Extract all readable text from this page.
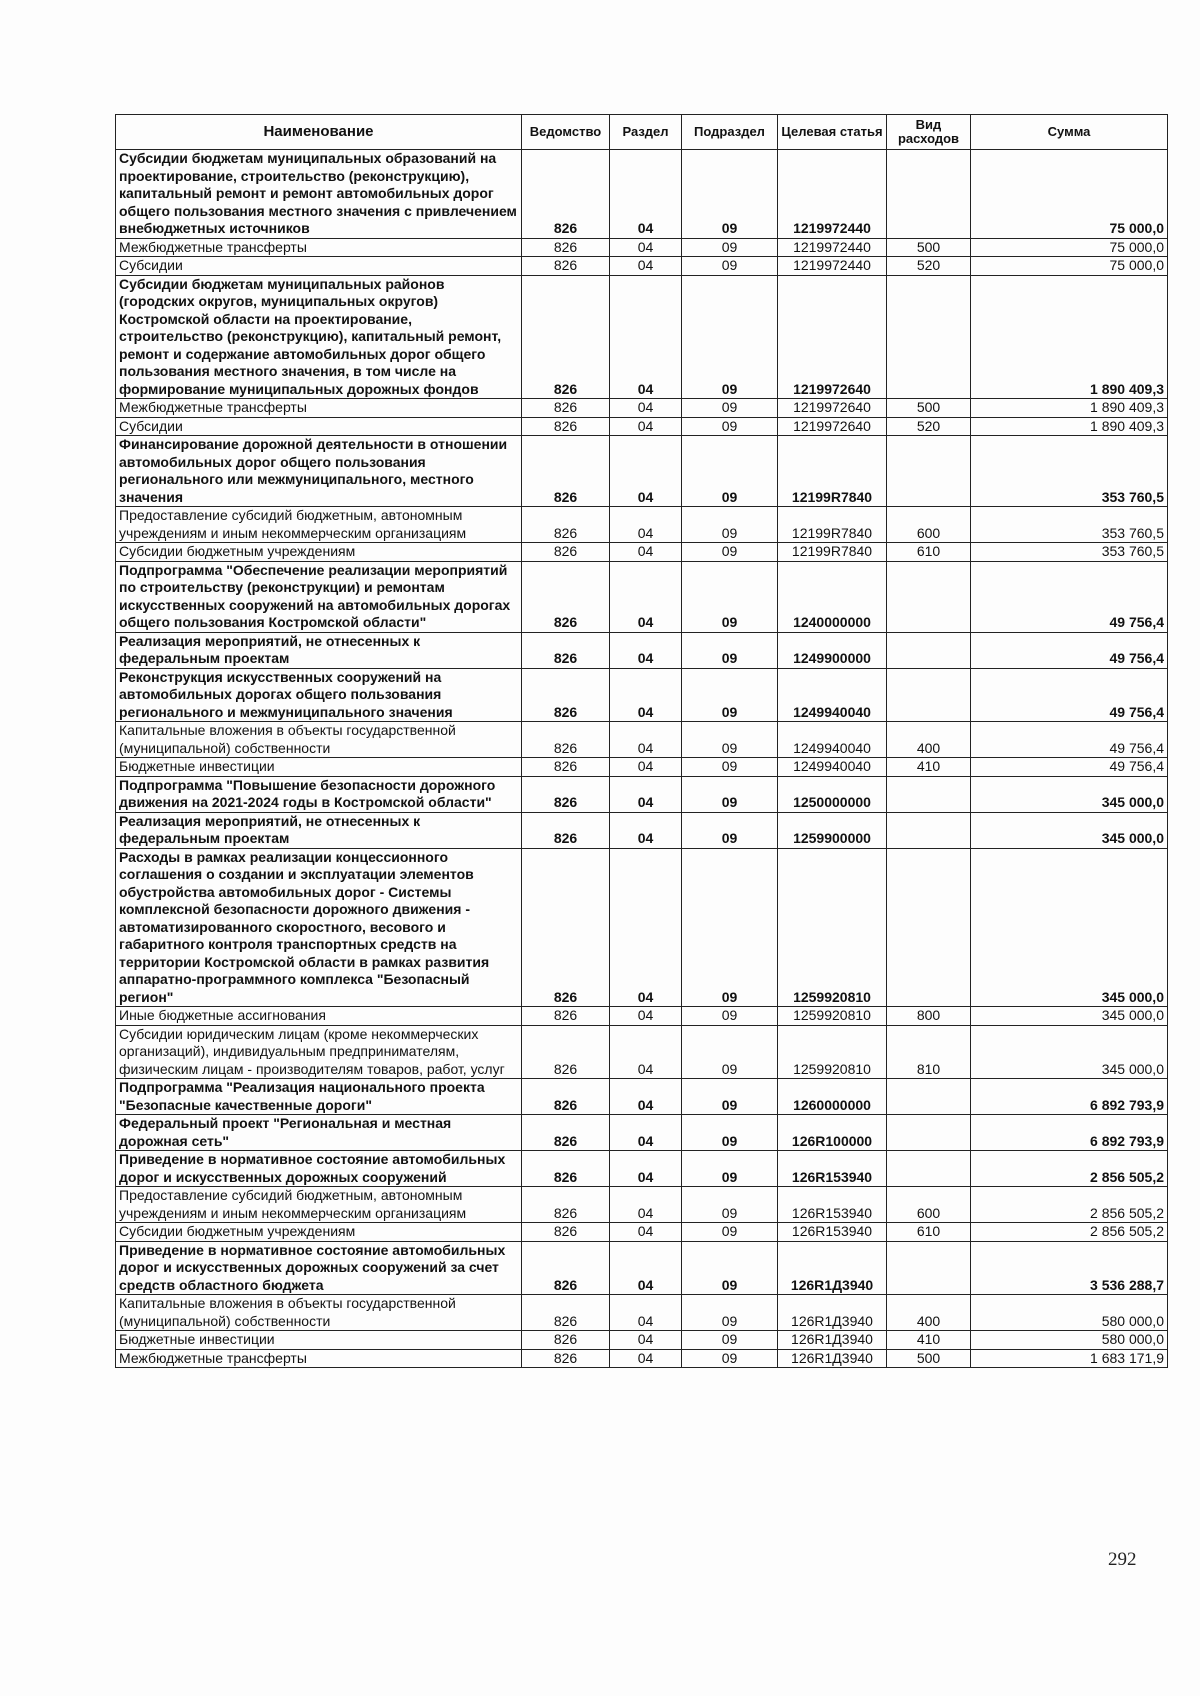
Наименование	Ведомство	Раздел	Подраздел	Целевая статья	Вид расходов	Сумма
Субсидии бюджетам муниципальных образований на проектирование, строительство (реконструкцию), капитальный ремонт и ремонт автомобильных дорог общего пользования местного значения с привлечением внебюджетных источников	826	04	09	1219972440		75 000,0
Межбюджетные трансферты	826	04	09	1219972440	500	75 000,0
Субсидии	826	04	09	1219972440	520	75 000,0
Субсидии бюджетам муниципальных районов (городских округов, муниципальных округов) Костромской области на проектирование, строительство (реконструкцию), капитальный ремонт, ремонт и содержание автомобильных дорог общего пользования местного значения, в том числе на формирование муниципальных дорожных фондов	826	04	09	1219972640		1 890 409,3
Межбюджетные трансферты	826	04	09	1219972640	500	1 890 409,3
Субсидии	826	04	09	1219972640	520	1 890 409,3
Финансирование дорожной деятельности в отношении автомобильных дорог общего пользования регионального или межмуниципального, местного значения	826	04	09	12199R7840		353 760,5
Предоставление субсидий бюджетным, автономным учреждениям и иным некоммерческим организациям	826	04	09	12199R7840	600	353 760,5
Субсидии бюджетным учреждениям	826	04	09	12199R7840	610	353 760,5
Подпрограмма "Обеспечение реализации мероприятий по строительству (реконструкции) и ремонтам искусственных сооружений на автомобильных дорогах общего пользования Костромской области"	826	04	09	1240000000		49 756,4
Реализация мероприятий, не отнесенных к федеральным проектам	826	04	09	1249900000		49 756,4
Реконструкция искусственных сооружений на автомобильных дорогах общего пользования регионального и межмуниципального значения	826	04	09	1249940040		49 756,4
Капитальные вложения в объекты государственной (муниципальной) собственности	826	04	09	1249940040	400	49 756,4
Бюджетные инвестиции	826	04	09	1249940040	410	49 756,4
Подпрограмма "Повышение безопасности дорожного движения на 2021-2024 годы в Костромской области"	826	04	09	1250000000		345 000,0
Реализация мероприятий, не отнесенных к федеральным проектам	826	04	09	1259900000		345 000,0
Расходы в рамках реализации концессионного соглашения о создании и эксплуатации элементов обустройства автомобильных дорог - Системы комплексной безопасности дорожного движения - автоматизированного скоростного, весового и габаритного контроля транспортных средств на территории Костромской области в рамках развития аппаратно-программного комплекса "Безопасный регион"	826	04	09	1259920810		345 000,0
Иные бюджетные ассигнования	826	04	09	1259920810	800	345 000,0
Субсидии юридическим лицам (кроме некоммерческих организаций), индивидуальным предпринимателям, физическим лицам - производителям товаров, работ, услуг	826	04	09	1259920810	810	345 000,0
Подпрограмма "Реализация национального проекта "Безопасные качественные дороги"	826	04	09	1260000000		6 892 793,9
Федеральный проект "Региональная и местная дорожная сеть"	826	04	09	126R100000		6 892 793,9
Приведение в нормативное состояние автомобильных дорог и искусственных дорожных сооружений	826	04	09	126R153940		2 856 505,2
Предоставление субсидий бюджетным, автономным учреждениям и иным некоммерческим организациям	826	04	09	126R153940	600	2 856 505,2
Субсидии бюджетным учреждениям	826	04	09	126R153940	610	2 856 505,2
Приведение в нормативное состояние автомобильных дорог и искусственных дорожных сооружений за счет средств областного бюджета	826	04	09	126R1Д3940		3 536 288,7
Капитальные вложения в объекты государственной (муниципальной) собственности	826	04	09	126R1Д3940	400	580 000,0
Бюджетные инвестиции	826	04	09	126R1Д3940	410	580 000,0
Межбюджетные трансферты	826	04	09	126R1Д3940	500	1 683 171,9
292
